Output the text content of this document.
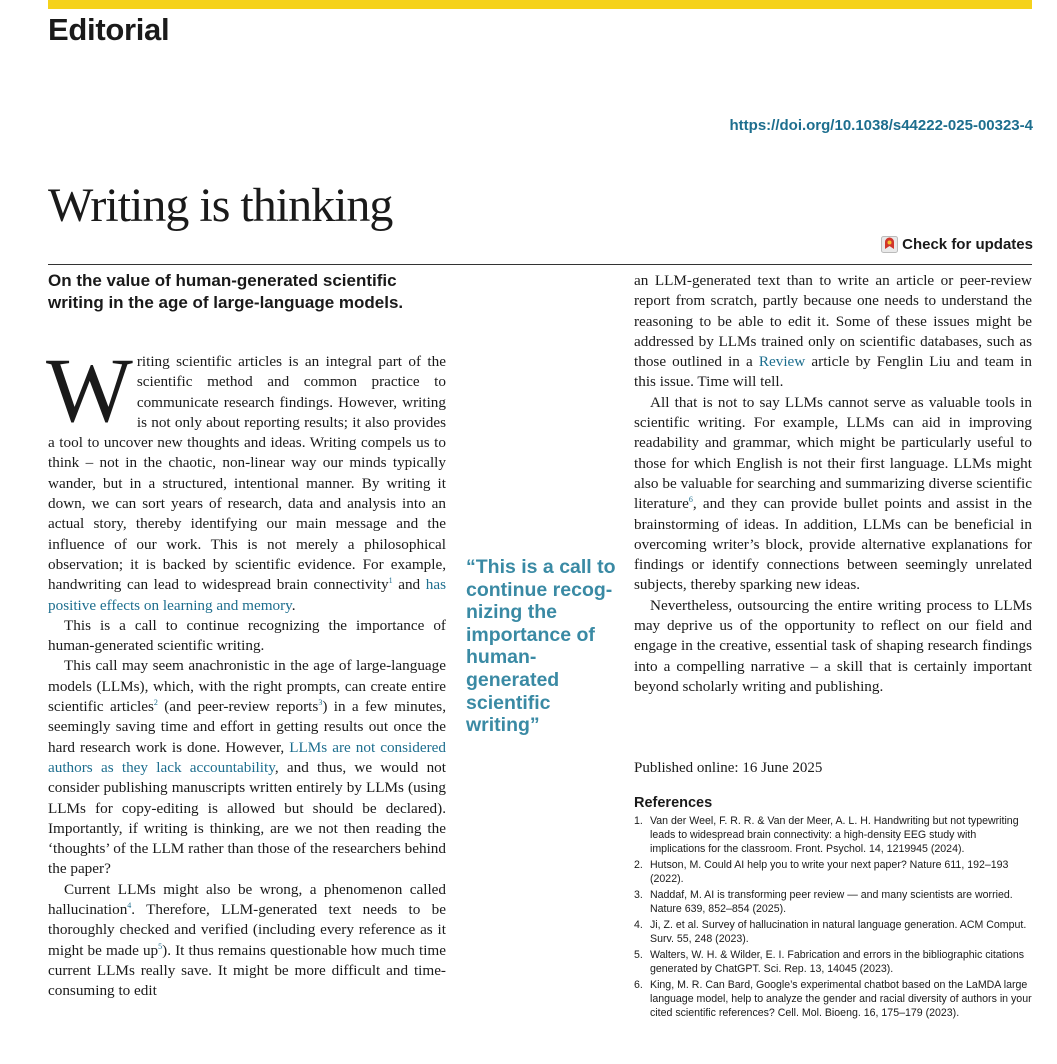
Editorial
https://doi.org/10.1038/s44222-025-00323-4
Writing is thinking
Check for updates
On the value of human-generated scientific writing in the age of large-language models.

Writing scientific articles is an integral part of the scientific method and common practice to communicate research findings. However, writing is not only about reporting results; it also provides a tool to uncover new thoughts and ideas. Writing compels us to think – not in the chaotic, non-linear way our minds typically wander, but in a structured, intentional manner. By writing it down, we can sort years of research, data and analysis into an actual story, thereby identifying our main message and the influence of our work. This is not merely a philosophical observation; it is backed by scientific evidence. For example, handwriting can lead to widespread brain connectivity$^1$ and has positive effects on learning and memory.

This is a call to continue recognizing the importance of human-generated scientific writing.

This call may seem anachronistic in the age of large-language models (LLMs), which, with the right prompts, can create entire scientific articles$^2$ (and peer-review reports$^3$) in a few minutes, seemingly saving time and effort in getting results out once the hard research work is done. However, LLMs are not considered authors as they lack accountability, and thus, we would not consider publishing manuscripts written entirely by LLMs (using LLMs for copy-editing is allowed but should be declared). Importantly, if writing is thinking, are we not then reading the ‘thoughts’ of the LLM rather than those of the researchers behind the paper?

Current LLMs might also be wrong, a phenomenon called hallucination$^4$. Therefore, LLM-generated text needs to be thoroughly checked and verified (including every reference as it might be made $up^5$). It thus remains questionable how much time current LLMs really save. It might be more difficult and time-consuming to edit

“This is a call to continue recognizing the importance of human-generated scientific writing”

an LLM-generated text than to write an article or peer-review report from scratch, partly because one needs to understand the reasoning to be able to edit it. Some of these issues might be addressed by LLMs trained only on scientific databases, such as those outlined in a Review article by Fenglin Liu and team in this issue. Time will tell.

All that is not to say LLMs cannot serve as valuable tools in scientific writing. For example, LLMs can aid in improving readability and grammar, which might be particularly useful to those for which English is not their first language. LLMs might also be valuable for searching and summarizing diverse scientific literature$^6$, and they can provide bullet points and assist in the brainstorming of ideas. In addition, LLMs can be beneficial in overcoming writer’s block, provide alternative explanations for findings or identify connections between seemingly unrelated subjects, thereby sparking new ideas.

Nevertheless, outsourcing the entire writing process to LLMs may deprive us of the opportunity to reflect on our field and engage in the creative, essential task of shaping research findings into a compelling narrative – a skill that is certainly important beyond scholarly writing and publishing.

Published online: 16 June 2025
References
1. Van der Weel, F. R. R. & Van der Meer, A. L. H. Handwriting but not typewriting leads to widespread brain connectivity: a high-density EEG study with implications for the classroom. Front. Psychol. 14, 1219945 (2024).
2. Hutson, M. Could AI help you to write your next paper? Nature 611, 192–193 (2022).
3. Naddaf, M. AI is transforming peer review — and many scientists are worried. Nature 639, 852–854 (2025).
4. Ji, Z. et al. Survey of hallucination in natural language generation. ACM Comput. Surv. 55, 248 (2023).
5. Walters, W. H. & Wilder, E. I. Fabrication and errors in the bibliographic citations generated by ChatGPT. Sci. Rep. 13, 14045 (2023).
6. King, M. R. Can Bard, Google’s experimental chatbot based on the LaMDA large language model, help to analyze the gender and racial diversity of authors in your cited scientific references? Cell. Mol. Bioeng. 16, 175–179 (2023).
